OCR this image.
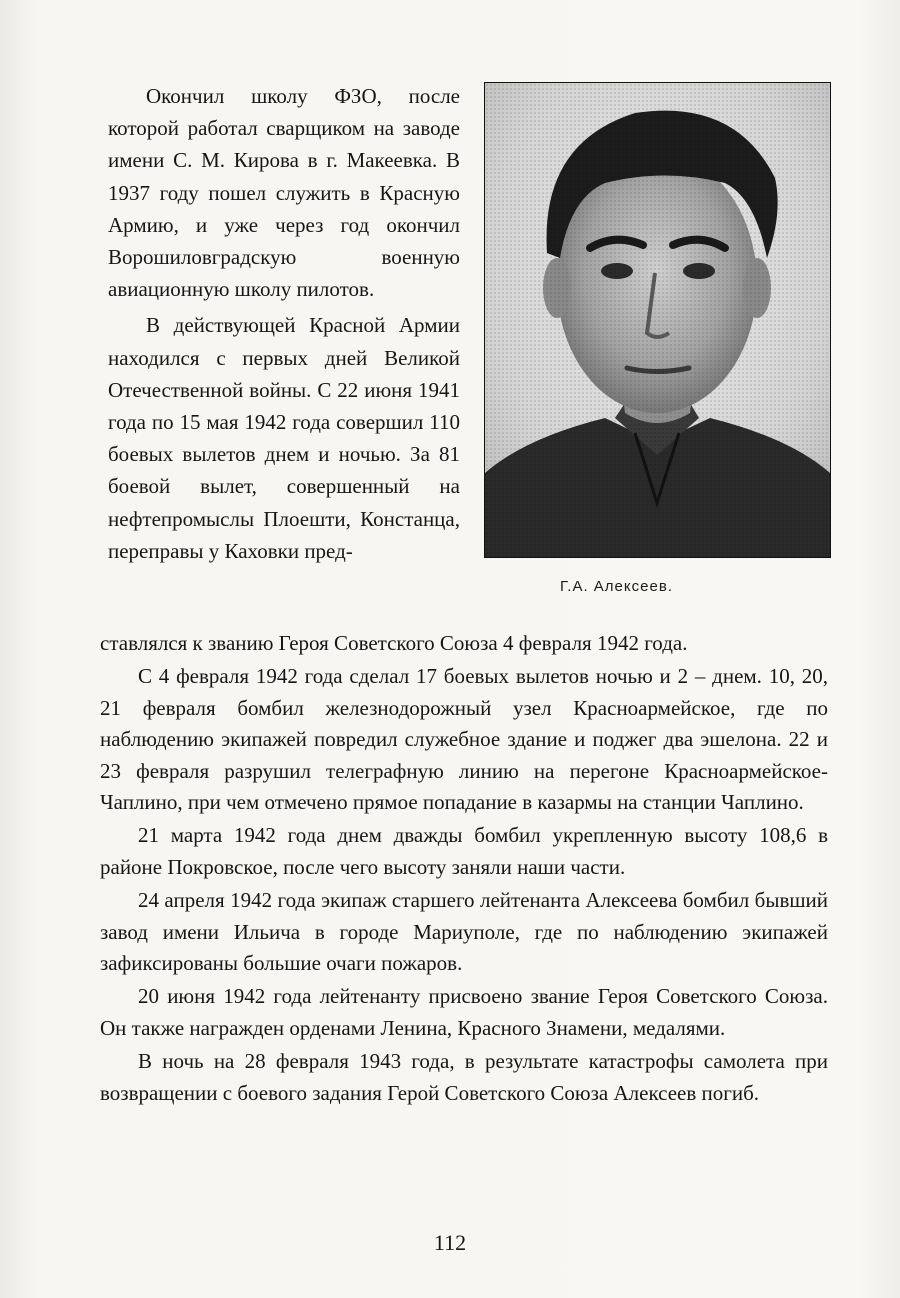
Окончил школу ФЗО, после которой работал сварщиком на заводе имени С. М. Кирова в г. Макеевка. В 1937 году пошел служить в Красную Армию, и уже через год окончил Ворошиловградскую военную авиационную школу пилотов.

В действующей Красной Армии находился с первых дней Великой Отечественной войны. С 22 июня 1941 года по 15 мая 1942 года совершил 110 боевых вылетов днем и ночью. За 81 боевой вылет, совершенный на нефтепромыслы Плоешти, Констанца, переправы у Каховки пред-

Г.А. Алексеев.

ставлялся к званию Героя Советского Союза 4 февраля 1942 года.

С 4 февраля 1942 года сделал 17 боевых вылетов ночью и 2 – днем. 10, 20, 21 февраля бомбил железнодорожный узел Красноармейское, где по наблюдению экипажей повредил служебное здание и поджег два эшелона. 22 и 23 февраля разрушил телеграфную линию на перегоне Красноармейское-Чаплино, при чем отмечено прямое попадание в казармы на станции Чаплино.

21 марта 1942 года днем дважды бомбил укрепленную высоту 108,6 в районе Покровское, после чего высоту заняли наши части.

24 апреля 1942 года экипаж старшего лейтенанта Алексеева бомбил бывший завод имени Ильича в городе Мариуполе, где по наблюдению экипажей зафиксированы большие очаги пожаров.

20 июня 1942 года лейтенанту присвоено звание Героя Советского Союза. Он также награжден орденами Ленина, Красного Знамени, медалями.

В ночь на 28 февраля 1943 года, в результате катастрофы самолета при возвращении с боевого задания Герой Советского Союза Алексеев погиб.

112
